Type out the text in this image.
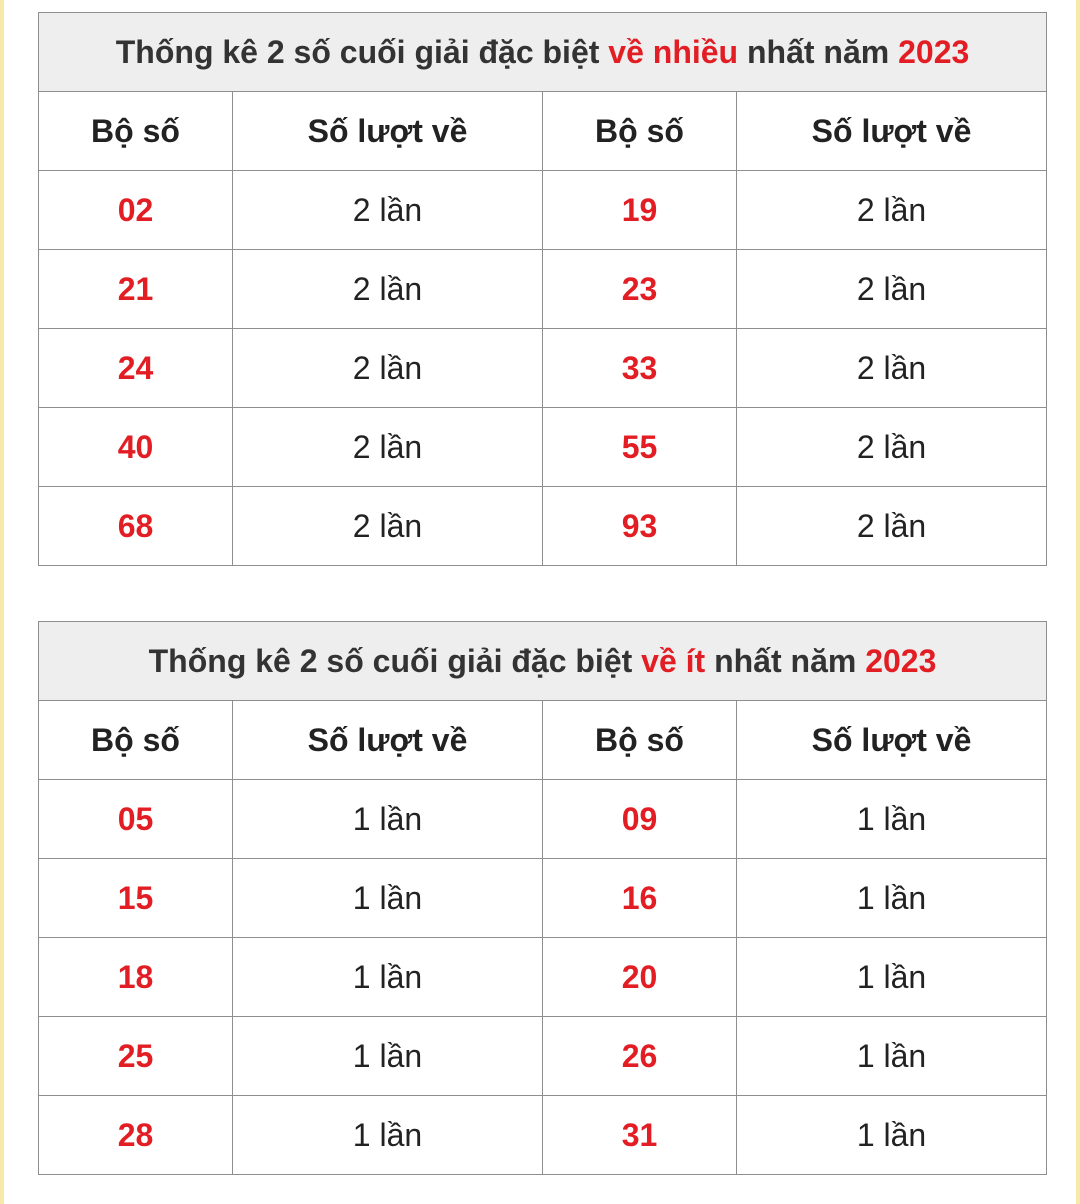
Thống kê 2 số cuối giải đặc biệt về nhiều nhất năm 2023			
Bộ số	Số lượt về	Bộ số	Số lượt về
02	2 lần	19	2 lần
21	2 lần	23	2 lần
24	2 lần	33	2 lần
40	2 lần	55	2 lần
68	2 lần	93	2 lần
Thống kê 2 số cuối giải đặc biệt về ít nhất năm 2023			
Bộ số	Số lượt về	Bộ số	Số lượt về
05	1 lần	09	1 lần
15	1 lần	16	1 lần
18	1 lần	20	1 lần
25	1 lần	26	1 lần
28	1 lần	31	1 lần
